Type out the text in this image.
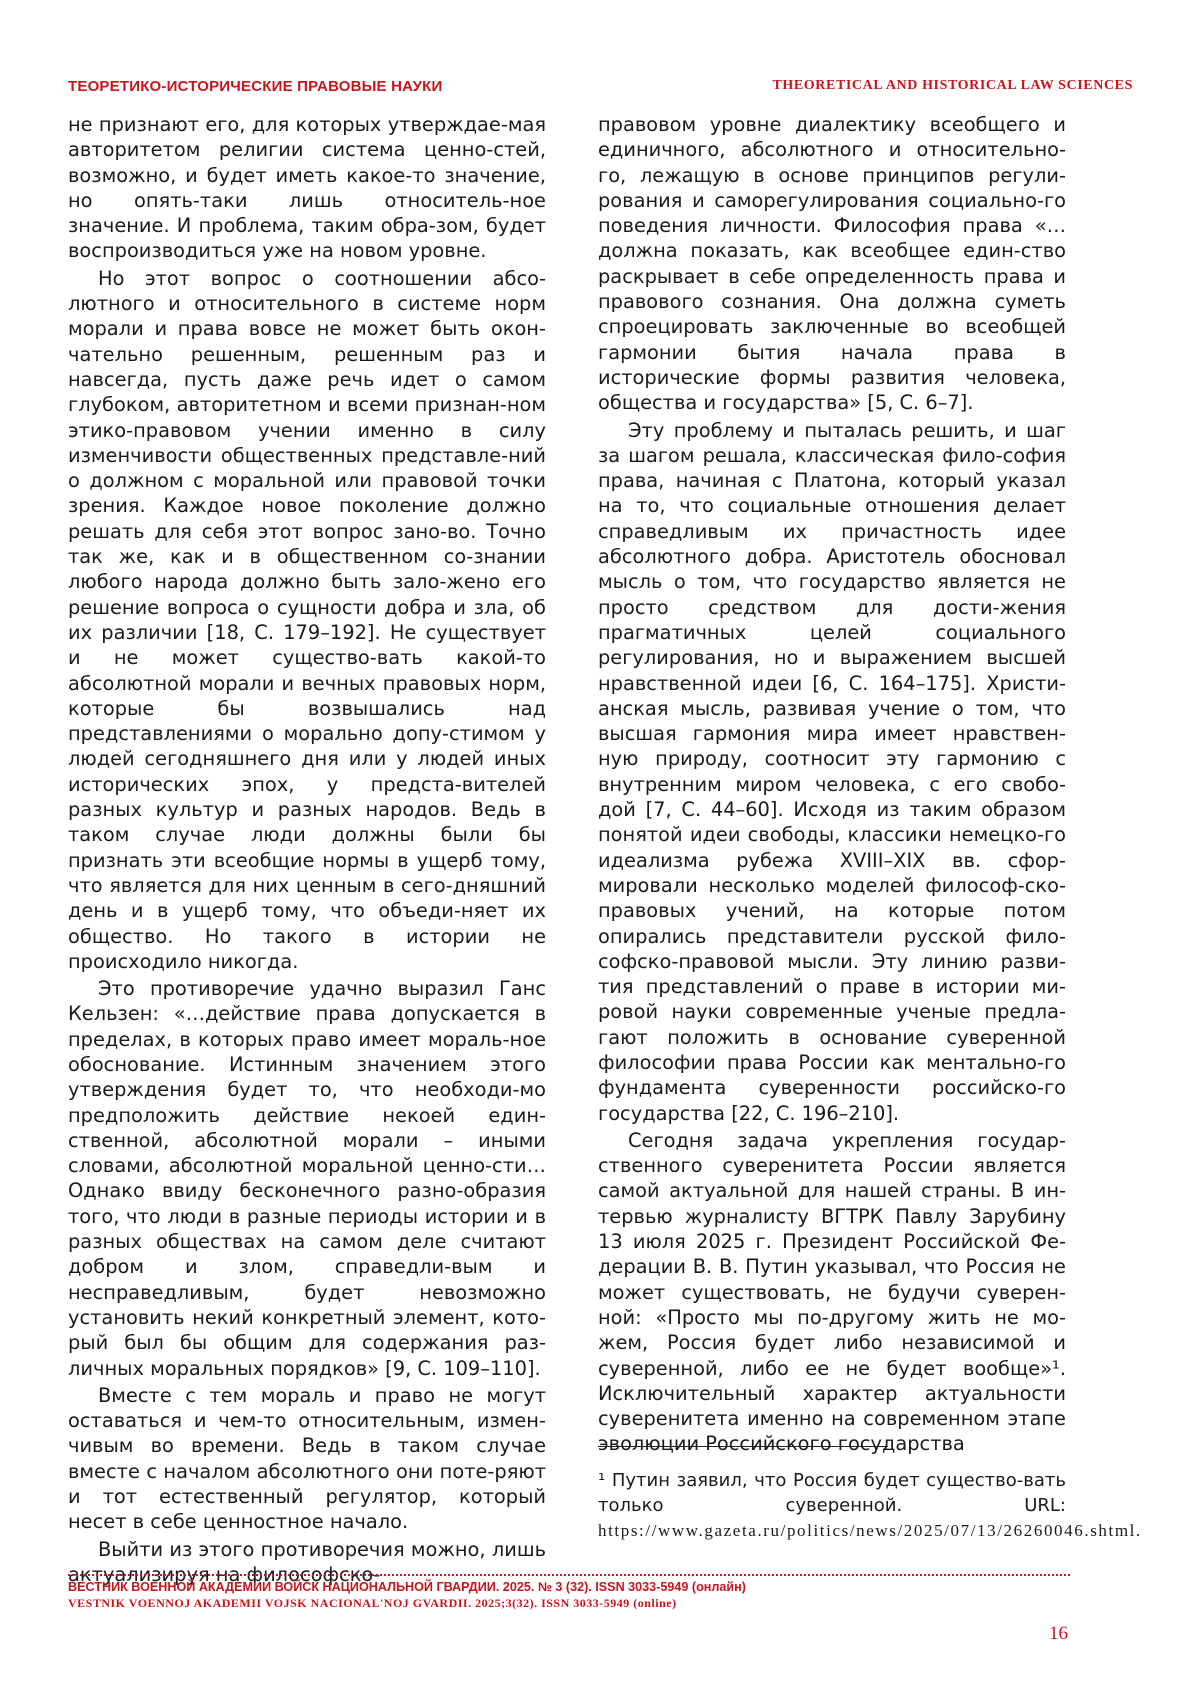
ТЕОРЕТИКО-ИСТОРИЧЕСКИЕ ПРАВОВЫЕ НАУКИ	THEORETICAL AND HISTORICAL LAW SCIENCES

не признают его, для которых утверждае-мая авторитетом религии система ценно-стей, возможно, и будет иметь какое-то значение, но опять-таки лишь относитель-ное значение. И проблема, таким обра-зом, будет воспроизводиться уже на новом уровне.

Но этот вопрос о соотношении абсо-лютного и относительного в системе норм морали и права вовсе не может быть окон-чательно решенным, решенным раз и навсегда, пусть даже речь идет о самом глубоком, авторитетном и всеми признан-ном этико-правовом учении именно в силу изменчивости общественных представле-ний о должном с моральной или правовой точки зрения. Каждое новое поколение должно решать для себя этот вопрос зано-во. Точно так же, как и в общественном со-знании любого народа должно быть зало-жено его решение вопроса о сущности добра и зла, об их различии [18, С. 179–192]. Не существует и не может существо-вать какой-то абсолютной морали и вечных правовых норм, которые бы возвышались над представлениями о морально допу-стимом у людей сегодняшнего дня или у людей иных исторических эпох, у предста-вителей разных культур и разных народов. Ведь в таком случае люди должны были бы признать эти всеобщие нормы в ущерб тому, что является для них ценным в сего-дняшний день и в ущерб тому, что объеди-няет их общество. Но такого в истории не происходило никогда.

Это противоречие удачно выразил Ганс Кельзен: «…действие права допускается в пределах, в которых право имеет мораль-ное обоснование. Истинным значением этого утверждения будет то, что необходи-мо предположить действие некоей един-ственной, абсолютной морали – иными словами, абсолютной моральной ценно-сти… Однако ввиду бесконечного разно-образия того, что люди в разные периоды истории и в разных обществах на самом деле считают добром и злом, справедли-вым и несправедливым, будет невозможно установить некий конкретный элемент, кото-рый был бы общим для содержания раз-личных моральных порядков» [9, С. 109–110].

Вместе с тем мораль и право не могут оставаться и чем-то относительным, измен-чивым во времени. Ведь в таком случае вместе с началом абсолютного они поте-ряют и тот естественный регулятор, который несет в себе ценностное начало.

Выйти из этого противоречия можно, лишь актуализируя на философско-

правовом уровне диалектику всеобщего и единичного, абсолютного и относительно-го, лежащую в основе принципов регули-рования и саморегулирования социально-го поведения личности. Философия права «… должна показать, как всеобщее един-ство раскрывает в себе определенность права и правового сознания. Она должна суметь спроецировать заключенные во всеобщей гармонии бытия начала права в исторические формы развития человека, общества и государства» [5, С. 6–7].

Эту проблему и пыталась решить, и шаг за шагом решала, классическая фило-софия права, начиная с Платона, который указал на то, что социальные отношения делает справедливым их причастность идее абсолютного добра. Аристотель обосновал мысль о том, что государство является не просто средством для дости-жения прагматичных целей социального регулирования, но и выражением высшей нравственной идеи [6, С. 164–175]. Христи-анская мысль, развивая учение о том, что высшая гармония мира имеет нравствен-ную природу, соотносит эту гармонию с внутренним миром человека, с его свобо-дой [7, С. 44–60]. Исходя из таким образом понятой идеи свободы, классики немецко-го идеализма рубежа XVIII–XIX вв. сфор-мировали несколько моделей философ-ско-правовых учений, на которые потом опирались представители русской фило-софско-правовой мысли. Эту линию разви-тия представлений о праве в истории ми-ровой науки современные ученые предла-гают положить в основание суверенной философии права России как ментально-го фундамента суверенности российско-го государства [22, С. 196–210].

Сегодня задача укрепления государ-ственного суверенитета России является самой актуальной для нашей страны. В ин-тервью журналисту ВГТРК Павлу Зарубину 13 июля 2025 г. Президент Российской Фе-дерации В. В. Путин указывал, что Россия не может существовать, не будучи суверен-ной: «Просто мы по-другому жить не мо-жем, Россия будет либо независимой и суверенной, либо ее не будет вообще»¹. Исключительный характер актуальности суверенитета именно на современном этапе эволюции Российского государства

¹ Путин заявил, что Россия будет существо-вать только суверенной. URL: https://www.gazeta.ru/politics/news/2025/07/13/26260046.shtml.
ВЕСТНИК ВОЕННОЙ АКАДЕМИИ ВОЙСК НАЦИОНАЛЬНОЙ ГВАРДИИ. 2025. № 3 (32). ISSN 3033-5949 (онлайн)
VESTNIK VOENNOJ AKADEMII VOJSK NACIONAL'NOJ GVARDII. 2025;3(32). ISSN 3033-5949 (online)
16
